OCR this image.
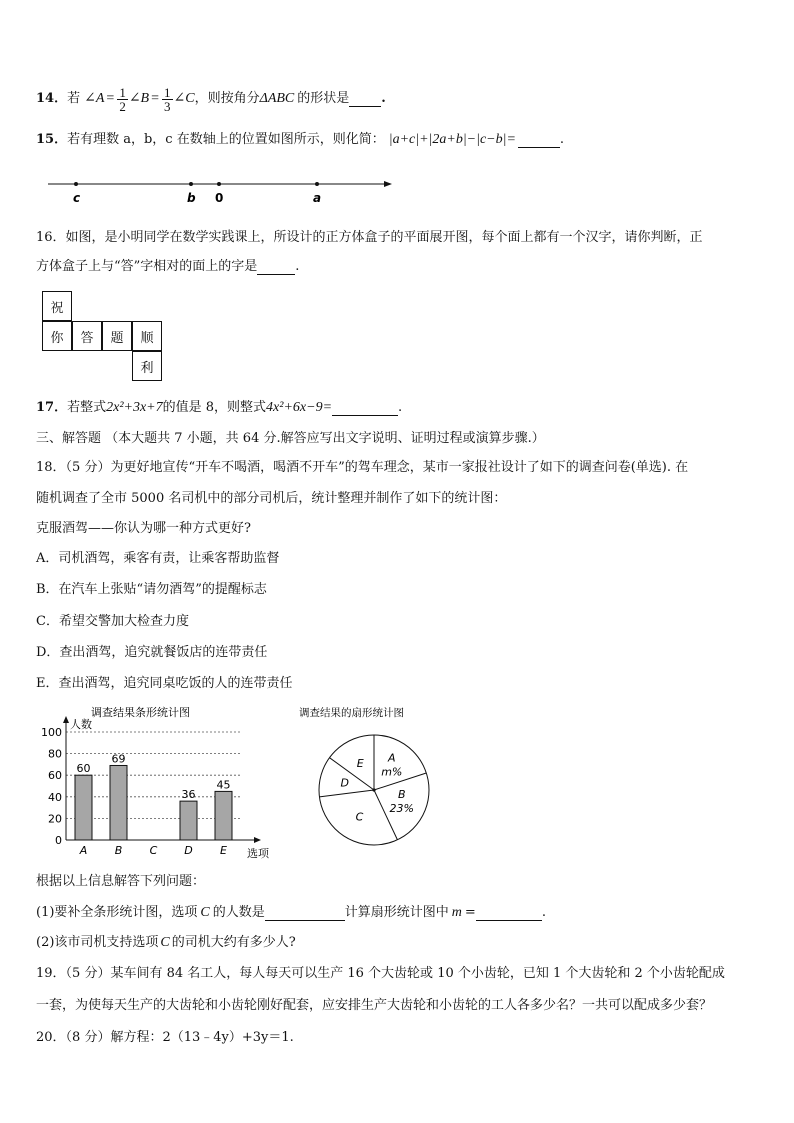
14． 若 ∠A = $\frac{1}{2}$ ∠B = $\frac{1}{3}$ ∠C ，则按角分 ΔABC 的形状是 .
15． 若有理数 a，b，c 在数轴上的位置如图所示，则化简： |a+c|+|2a+b|−|c−b|=	.
c	b 0	a
16．如图，是小明同学在数学实践课上，所设计的正方体盒子的平面展开图，每个面上都有一个汉字，请你判断，正
方体盒子上与“答”字相对的面上的字是	.
祝
你	答	题	顺
利
17． 若整式 2x²+3x+7 的值是 8，则整式 4x²+6x−9=	.
三、解答题 （本大题共 7 小题，共 64 分.解答应写出文字说明、证明过程或演算步骤.）
18．（5 分）为更好地宣传“开车不喝酒，喝酒不开车”的驾车理念，某市一家报社设计了如下的调查问卷(单选). 在
随机调查了全市 5000 名司机中的部分司机后，统计整理并制作了如下的统计图：
克服酒驾——你认为哪一种方式更好?
A．司机酒驾，乘客有责，让乘客帮助监督
B．在汽车上张贴“请勿酒驾”的提醒标志
C．希望交警加大检查力度
D．查出酒驾，追究就餐饭店的连带责任
E．查出酒驾，追究同桌吃饭的人的连带责任
调查结果条形统计图
人数
0
20
40
60
80
100
60
A
69
B C
36
D
45
E 选项
调查结果的扇形统计图
A
m%
B
23%
C
D
E
根据以上信息解答下列问题：
(1)要补全条形统计图，选项 C 的人数是	计算扇形统计图中 m =	.
(2)该市司机支持选项 C 的司机大约有多少人?
19．（5 分）某车间有 84 名工人，每人每天可以生产 16 个大齿轮或 10 个小齿轮，已知 1 个大齿轮和 2 个小齿轮配成
一套，为使每天生产的大齿轮和小齿轮刚好配套，应安排生产大齿轮和小齿轮的工人各多少名？一共可以配成多少套？
20．（8 分）解方程：2（13﹣4y）+3y＝1.
